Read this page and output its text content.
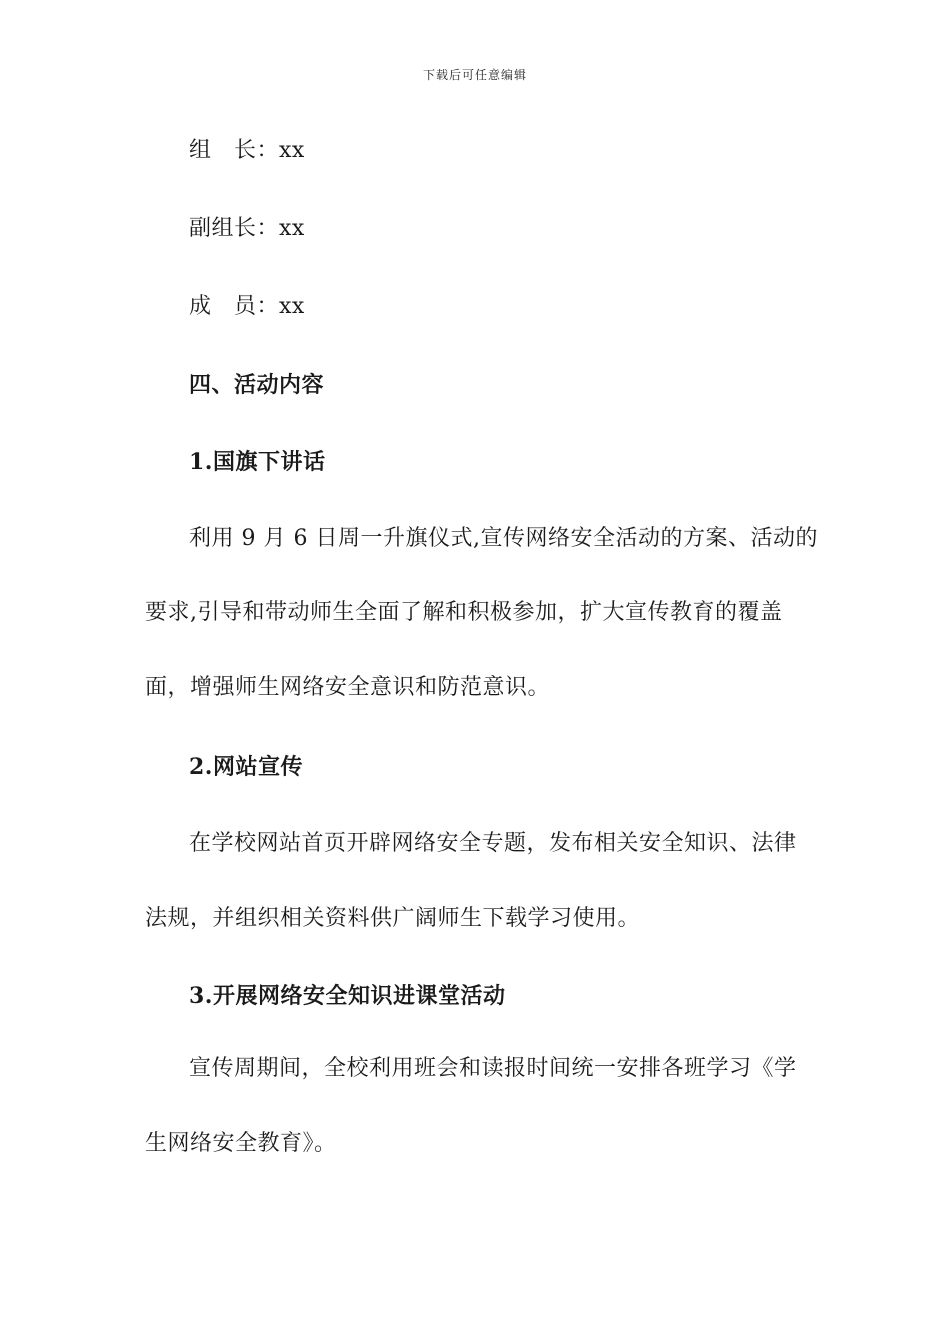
下载后可任意编辑
组　长：xx
副组长：xx
成　员：xx
四、活动内容
1.国旗下讲话
利用 9 月 6 日周一升旗仪式,宣传网络安全活动的方案、活动的
要求,引导和带动师生全面了解和积极参加，扩大宣传教育的覆盖
面，增强师生网络安全意识和防范意识。
2.网站宣传
在学校网站首页开辟网络安全专题，发布相关安全知识、法律
法规，并组织相关资料供广阔师生下载学习使用。
3.开展网络安全知识进课堂活动
宣传周期间，全校利用班会和读报时间统一安排各班学习《学
生网络安全教育》。
